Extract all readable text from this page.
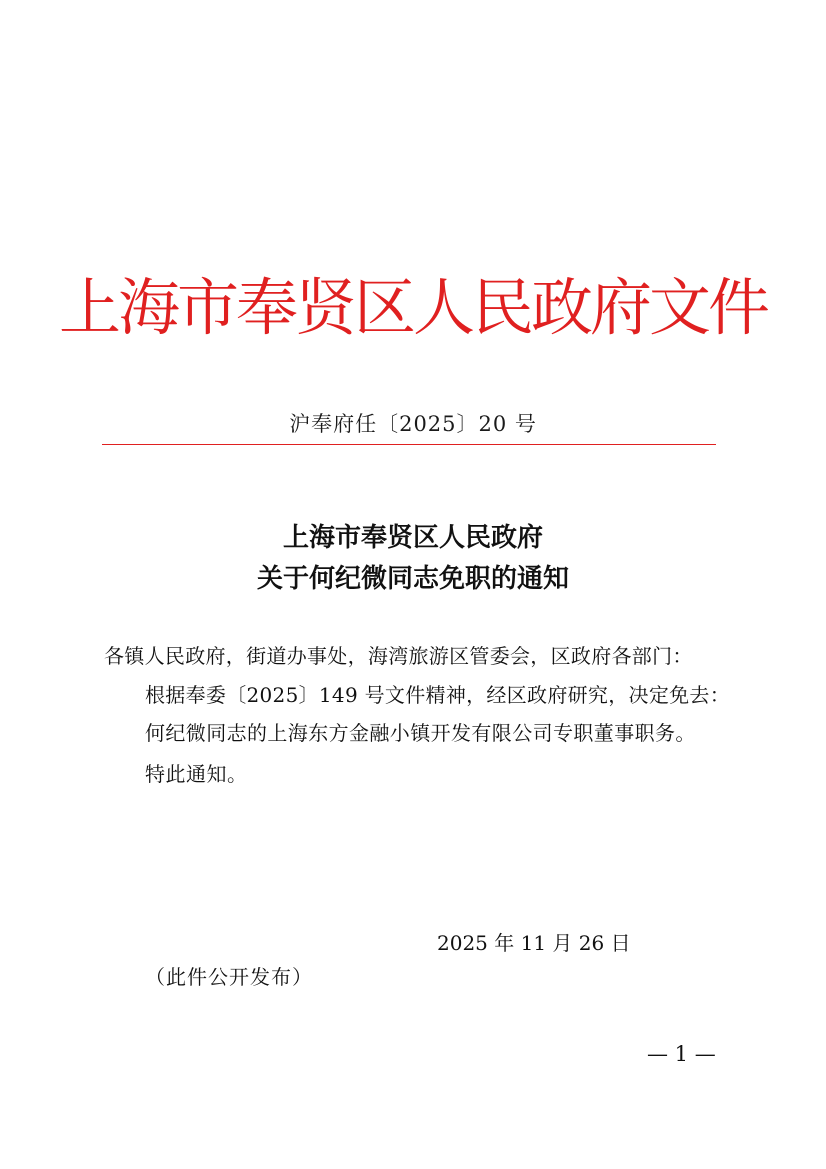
上海市奉贤区人民政府文件
沪奉府任〔2025〕20 号
上海市奉贤区人民政府
关于何纪微同志免职的通知
各镇人民政府，街道办事处，海湾旅游区管委会，区政府各部门：
根据奉委〔2025〕149 号文件精神，经区政府研究，决定免去：
何纪微同志的上海东方金融小镇开发有限公司专职董事职务。
特此通知。
2025 年 11 月 26 日
（此件公开发布）
— 1 —
